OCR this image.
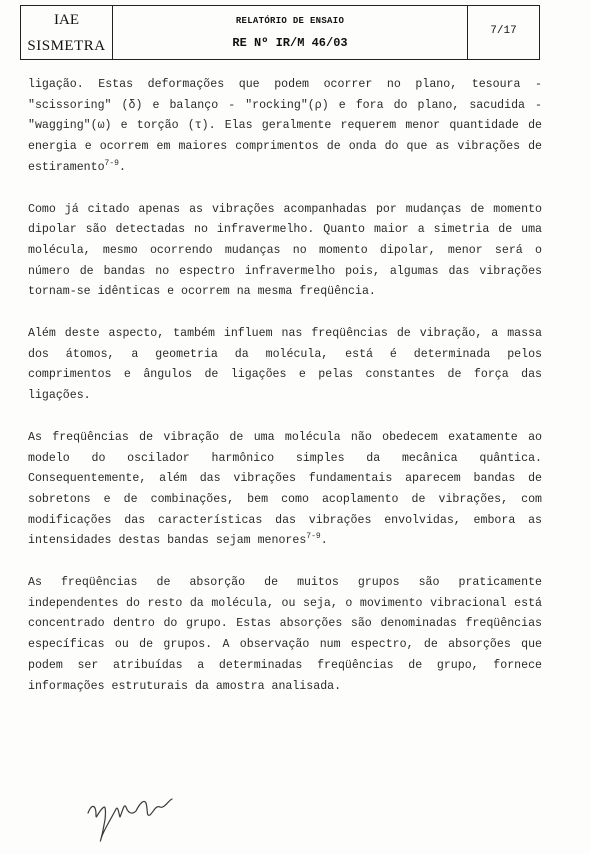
IAE
SISMETRA
RELATÓRIO DE ENSAIO
RE Nº IR/M 46/03
7/17

ligação. Estas deformações que podem ocorrer no plano, tesoura - "scissoring" (δ) e balanço - "rocking"(ρ) e fora do plano, sacudida - "wagging"(ω) e torção (τ). Elas geralmente requerem menor quantidade de energia e ocorrem em maiores comprimentos de onda do que as vibrações de estiramento$^{7-9}$.

Como já citado apenas as vibrações acompanhadas por mudanças de momento dipolar são detectadas no infravermelho. Quanto maior a simetria de uma molécula, mesmo ocorrendo mudanças no momento dipolar, menor será o número de bandas no espectro infravermelho pois, algumas das vibrações tornam-se idênticas e ocorrem na mesma freqüência.

Além deste aspecto, também influem nas freqüências de vibração, a massa dos átomos, a geometria da molécula, está é determinada pelos comprimentos e ângulos de ligações e pelas constantes de força das ligações.

As freqüências de vibração de uma molécula não obedecem exatamente ao modelo do oscilador harmônico simples da mecânica quântica. Consequentemente, além das vibrações fundamentais aparecem bandas de sobretons e de combinações, bem como acoplamento de vibrações, com modificações das características das vibrações envolvidas, embora as intensidades destas bandas sejam menores$^{7-9}$.

As freqüências de absorção de muitos grupos são praticamente independentes do resto da molécula, ou seja, o movimento vibracional está concentrado dentro do grupo. Estas absorções são denominadas freqüências específicas ou de grupos. A observação num espectro, de absorções que podem ser atribuídas a determinadas freqüências de grupo, fornece informações estruturais da amostra analisada.
